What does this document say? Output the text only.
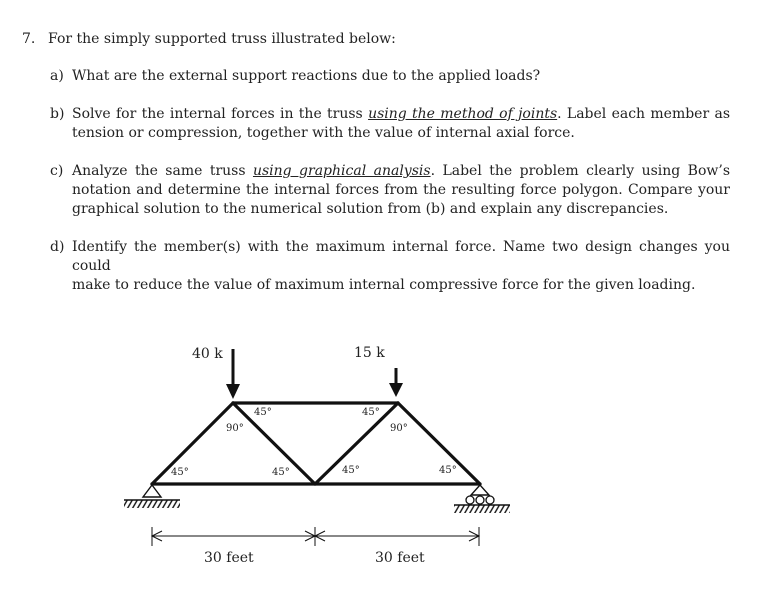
7. For the simply supported truss illustrated below:
a) What are the external support reactions due to the applied loads?
b) Solve for the internal forces in the truss using the method of joints. Label each member as
tension or compression, together with the value of internal axial force.
c) Analyze the same truss using graphical analysis. Label the problem clearly using Bow’s
notation and determine the internal forces from the resulting force polygon. Compare your
graphical solution to the numerical solution from (b) and explain any discrepancies.
d) Identify the member(s) with the maximum internal force. Name two design changes you could
make to reduce the value of maximum internal compressive force for the given loading.
40 k	15 k
45°
90°
45°
90°
45°	45°	45°	45°
30 feet	30 feet
